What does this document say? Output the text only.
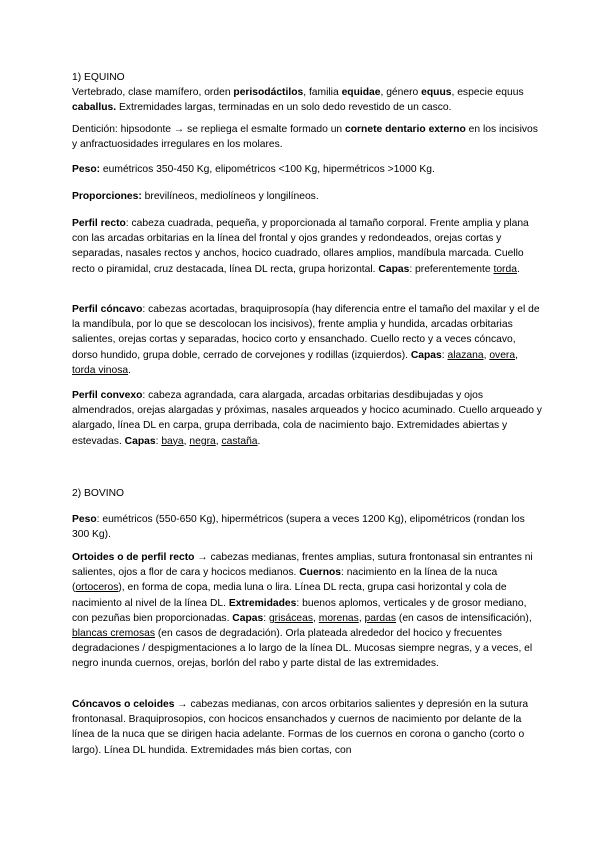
1) EQUINO

Vertebrado, clase mamífero, orden perisodáctilos, familia equidae, género equus, especie equus caballus. Extremidades largas, terminadas en un solo dedo revestido de un casco.

Dentición: hipsodonte → se repliega el esmalte formado un cornete dentario externo en los incisivos y anfractuosidades irregulares en los molares.

Peso: eumétricos 350-450 Kg, elipométricos <100 Kg, hipermétricos >1000 Kg.

Proporciones: brevilíneos, mediolíneos y longilíneos.

Perfil recto: cabeza cuadrada, pequeña, y proporcionada al tamaño corporal. Frente amplia y plana con las arcadas orbitarias en la línea del frontal y ojos grandes y redondeados, orejas cortas y separadas, nasales rectos y anchos, hocico cuadrado, ollares amplios, mandíbula marcada. Cuello recto o piramidal, cruz destacada, línea DL recta, grupa horizontal. Capas: preferentemente torda.

Perfil cóncavo: cabezas acortadas, braquiprosopía (hay diferencia entre el tamaño del maxilar y el de la mandíbula, por lo que se descolocan los incisivos), frente amplia y hundida, arcadas orbitarias salientes, orejas cortas y separadas, hocico corto y ensanchado. Cuello recto y a veces cóncavo, dorso hundido, grupa doble, cerrado de corvejones y rodillas (izquierdos). Capas: alazana, overa, torda vinosa.

Perfil convexo: cabeza agrandada, cara alargada, arcadas orbitarias desdibujadas y ojos almendrados, orejas alargadas y próximas, nasales arqueados y hocico acuminado. Cuello arqueado y alargado, línea DL en carpa, grupa derribada, cola de nacimiento bajo. Extremidades abiertas y estevadas. Capas: baya, negra, castaña.

2) BOVINO

Peso: eumétricos (550-650 Kg), hipermétricos (supera a veces 1200 Kg), elipométricos (rondan los 300 Kg).

Ortoides o de perfil recto → cabezas medianas, frentes amplias, sutura frontonasal sin entrantes ni salientes, ojos a flor de cara y hocicos medianos. Cuernos: nacimiento en la línea de la nuca (ortoceros), en forma de copa, media luna o lira. Línea DL recta, grupa casi horizontal y cola de nacimiento al nivel de la línea DL. Extremidades: buenos aplomos, verticales y de grosor mediano, con pezuñas bien proporcionadas. Capas: grisáceas, morenas, pardas (en casos de intensificación), blancas cremosas (en casos de degradación). Orla plateada alrededor del hocico y frecuentes degradaciones / despigmentaciones a lo largo de la línea DL. Mucosas siempre negras, y a veces, el negro inunda cuernos, orejas, borlón del rabo y parte distal de las extremidades.

Cóncavos o celoides → cabezas medianas, con arcos orbitarios salientes y depresión en la sutura frontonasal. Braquiprosopios, con hocicos ensanchados y cuernos de nacimiento por delante de la línea de la nuca que se dirigen hacia adelante. Formas de los cuernos en corona o gancho (corto o largo). Línea DL hundida. Extremidades más bien cortas, con
